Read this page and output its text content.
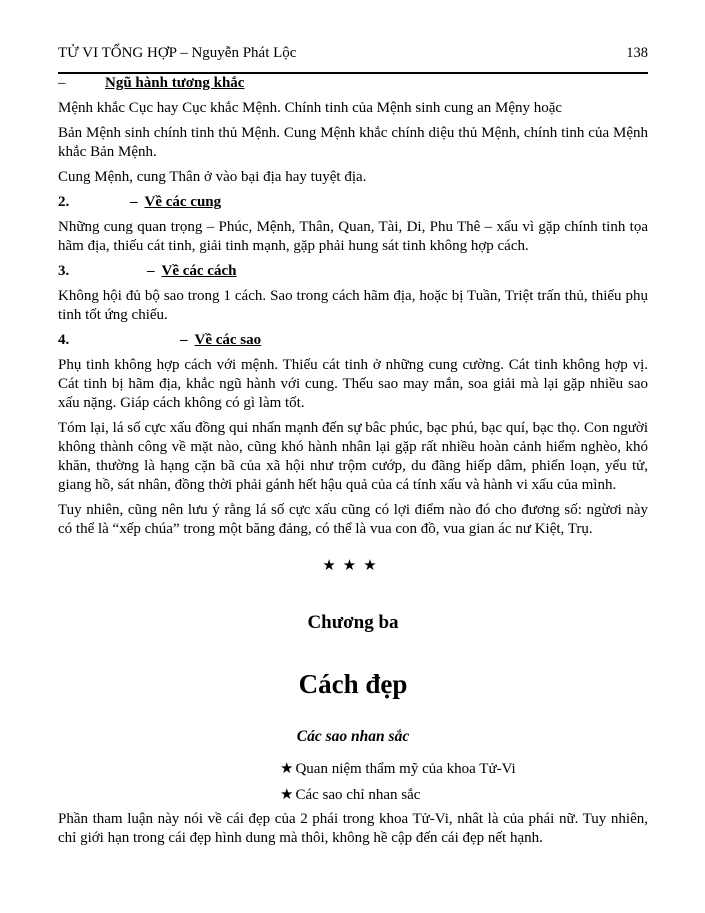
TỬ VI TỔNG HỢP – Nguyễn Phát Lộc	138
–	Ngũ hành tương khắc

Mệnh khắc Cục hay Cục khắc Mệnh. Chính tinh của Mệnh sinh cung an Mệny hoặc

Bản Mệnh sinh chính tinh thủ Mệnh. Cung Mệnh khắc chính diệu thủ Mệnh, chính tinh của Mệnh khắc Bản Mệnh.

Cung Mệnh, cung Thân ở vào bại địa hay tuyệt địa.

2.	– Về các cung

Những cung quan trọng – Phúc, Mệnh, Thân, Quan, Tài, Di, Phu Thê – xấu vì gặp chính tinh tọa hãm địa, thiếu cát tinh, giải tinh mạnh, gặp phải hung sát tinh không hợp cách.

3.	– Về các cách

Không hội đủ bộ sao trong 1 cách. Sao trong cách hãm địa, hoặc bị Tuần, Triệt trấn thủ, thiếu phụ tinh tốt ứng chiếu.

4.	– Về các sao

Phụ tinh không hợp cách với mệnh. Thiếu cát tinh ở những cung cường. Cát tinh không hợp vị. Cát tinh bị hãm địa, khắc ngũ hành với cung. Thếu sao may mắn, soa giải mà lại gặp nhiều sao xấu nặng. Giáp cách không có gì làm tốt.

Tóm lại, lá số cực xấu đồng qui nhấn mạnh đến sự bâc phúc, bạc phú, bạc quí, bạc thọ. Con người không thành công về mặt nào, cũng khó hành nhân lại gặp rất nhiều hoàn cảnh hiểm nghèo, khó khăn, thường là hạng cặn bã của xã hội như trộm cướp, du đãng hiếp dâm, phiến loạn, yểu tử, giang hồ, sát nhân, đồng thời phải gánh hết hậu quả của cá tính xấu và hành vi xấu của mình.

Tuy nhiên, cũng nên lưu ý rằng lá số cực xấu cũng có lợi điểm nào đó cho đương số: ngừơi này có thể là “xếp chúa” trong một băng đảng, có thể là vua con đồ, vua gian ác nư Kiệt, Trụ.

★★★
Chương ba
Cách đẹp
Các sao nhan sắc
★ Quan niệm thẩm mỹ của khoa Tử-Vi
★ Các sao chỉ nhan sắc

Phần tham luận này nói về cái đẹp của 2 phái trong khoa Tử-Vi, nhât là của phái nữ. Tuy nhiên, chỉ giới hạn trong cái đẹp hình dung mà thôi, không hề cập đến cái đẹp nết hạnh.
